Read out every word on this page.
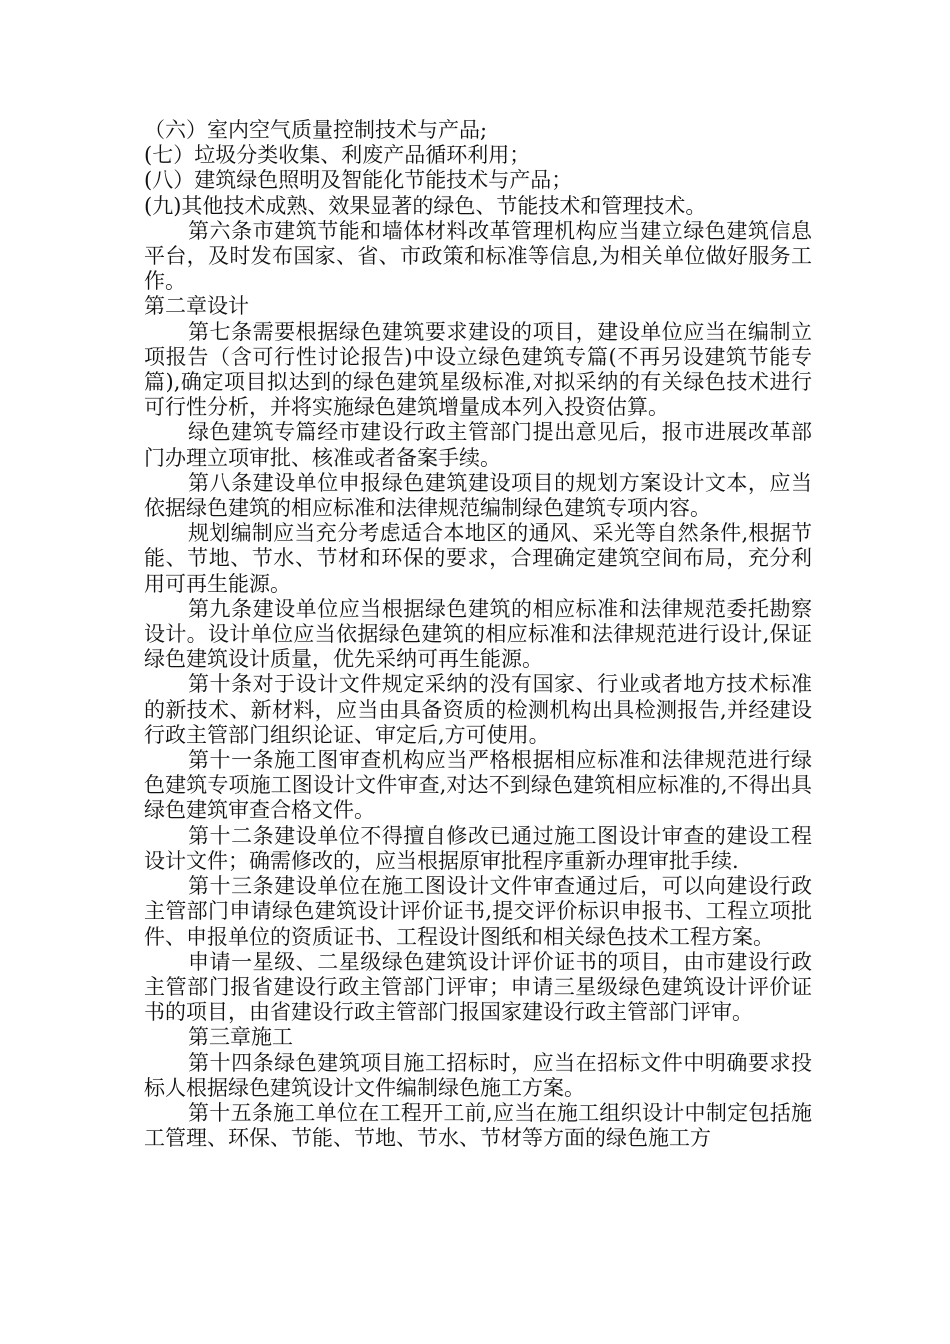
（六）室内空气质量控制技术与产品;

(七）垃圾分类收集、利废产品循环利用；

(八）建筑绿色照明及智能化节能技术与产品；

(九)其他技术成熟、效果显著的绿色、节能技术和管理技术。

第六条市建筑节能和墙体材料改革管理机构应当建立绿色建筑信息平台，及时发布国家、省、市政策和标准等信息,为相关单位做好服务工作。

第二章设计

第七条需要根据绿色建筑要求建设的项目，建设单位应当在编制立项报告（含可行性讨论报告)中设立绿色建筑专篇(不再另设建筑节能专篇),确定项目拟达到的绿色建筑星级标准,对拟采纳的有关绿色技术进行可行性分析，并将实施绿色建筑增量成本列入投资估算。

绿色建筑专篇经市建设行政主管部门提出意见后，报市进展改革部门办理立项审批、核准或者备案手续。

第八条建设单位申报绿色建筑建设项目的规划方案设计文本，应当依据绿色建筑的相应标准和法律规范编制绿色建筑专项内容。

规划编制应当充分考虑适合本地区的通风、采光等自然条件,根据节能、节地、节水、节材和环保的要求，合理确定建筑空间布局，充分利用可再生能源。

第九条建设单位应当根据绿色建筑的相应标准和法律规范委托勘察设计。设计单位应当依据绿色建筑的相应标准和法律规范进行设计,保证绿色建筑设计质量，优先采纳可再生能源。

第十条对于设计文件规定采纳的没有国家、行业或者地方技术标准的新技术、新材料，应当由具备资质的检测机构出具检测报告,并经建设行政主管部门组织论证、审定后,方可使用。

第十一条施工图审查机构应当严格根据相应标准和法律规范进行绿色建筑专项施工图设计文件审查,对达不到绿色建筑相应标准的,不得出具绿色建筑审查合格文件。

第十二条建设单位不得擅自修改已通过施工图设计审查的建设工程设计文件；确需修改的，应当根据原审批程序重新办理审批手续.

第十三条建设单位在施工图设计文件审查通过后，可以向建设行政主管部门申请绿色建筑设计评价证书,提交评价标识申报书、工程立项批件、申报单位的资质证书、工程设计图纸和相关绿色技术工程方案。

申请一星级、二星级绿色建筑设计评价证书的项目，由市建设行政主管部门报省建设行政主管部门评审；申请三星级绿色建筑设计评价证书的项目，由省建设行政主管部门报国家建设行政主管部门评审。

第三章施工

第十四条绿色建筑项目施工招标时，应当在招标文件中明确要求投标人根据绿色建筑设计文件编制绿色施工方案。

第十五条施工单位在工程开工前,应当在施工组织设计中制定包括施工管理、环保、节能、节地、节水、节材等方面的绿色施工方
